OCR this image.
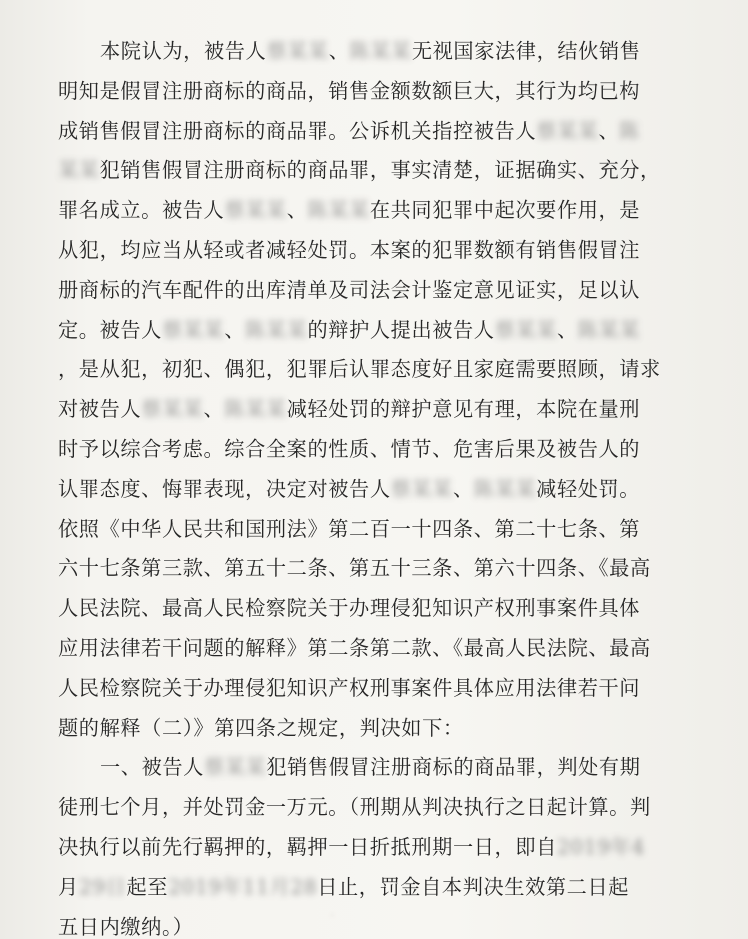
本院认为，被告人蔡某某、陈某某无视国家法律，结伙销售
明知是假冒注册商标的商品，销售金额数额巨大，其行为均已构
成销售假冒注册商标的商品罪。公诉机关指控被告人蔡某某、陈
某某犯销售假冒注册商标的商品罪，事实清楚，证据确实、充分，
罪名成立。被告人蔡某某、陈某某在共同犯罪中起次要作用，是
从犯，均应当从轻或者减轻处罚。本案的犯罪数额有销售假冒注
册商标的汽车配件的出库清单及司法会计鉴定意见证实，足以认
定。被告人蔡某某、陈某某的辩护人提出被告人蔡某某、陈某某
，是从犯，初犯、偶犯，犯罪后认罪态度好且家庭需要照顾，请求
对被告人蔡某某、陈某某减轻处罚的辩护意见有理，本院在量刑
时予以综合考虑。综合全案的性质、情节、危害后果及被告人的
认罪态度、悔罪表现，决定对被告人蔡某某、陈某某减轻处罚。
依照《中华人民共和国刑法》第二百一十四条、第二十七条、第
六十七条第三款、第五十二条、第五十三条、第六十四条、《最高
人民法院、最高人民检察院关于办理侵犯知识产权刑事案件具体
应用法律若干问题的解释》第二条第二款、《最高人民法院、最高
人民检察院关于办理侵犯知识产权刑事案件具体应用法律若干问
题的解释（二）》第四条之规定，判决如下：
一、被告人蔡某某犯销售假冒注册商标的商品罪，判处有期
徒刑七个月，并处罚金一万元。（刑期从判决执行之日起计算。判
决执行以前先行羁押的，羁押一日折抵刑期一日，即自2019年4
月29日起至2019年11月28日止，罚金自本判决生效第二日起
五日内缴纳。）	·
